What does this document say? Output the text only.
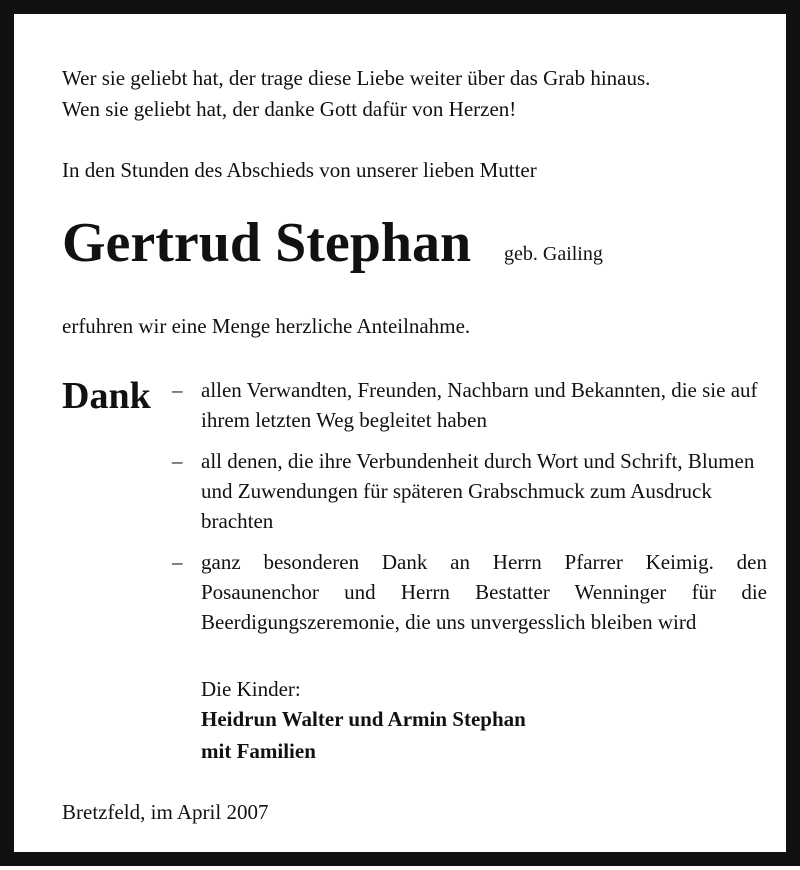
Wer sie geliebt hat, der trage diese Liebe weiter über das Grab hinaus.
Wen sie geliebt hat, der danke Gott dafür von Herzen!
In den Stunden des Abschieds von unserer lieben Mutter
Gertrud Stephan geb. Gailing
erfuhren wir eine Menge herzliche Anteilnahme.
Dank – allen Verwandten, Freunden, Nachbarn und Bekannten, die sie auf ihrem letzten Weg begleitet haben
– all denen, die ihre Verbundenheit durch Wort und Schrift, Blumen und Zuwendungen für späteren Grabschmuck zum Ausdruck brachten
– ganz besonderen Dank an Herrn Pfarrer Keimig. den Posaunenchor und Herrn Bestatter Wenninger für die Beerdigungszeremonie, die uns unvergesslich bleiben wird
Die Kinder:
Heidrun Walter und Armin Stephan
mit Familien
Bretzfeld, im April 2007
